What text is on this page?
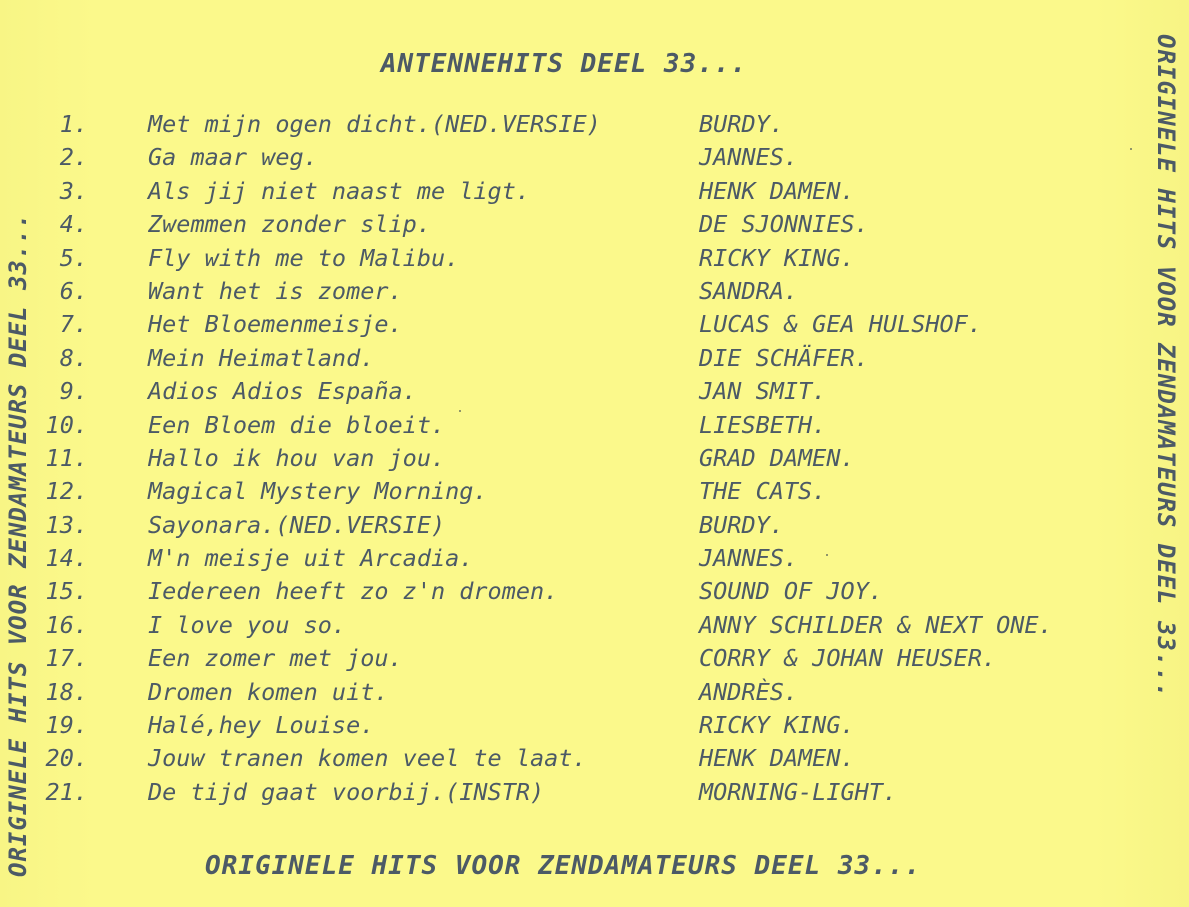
ANTENNEHITS DEEL 33...
1.	Met mijn ogen dicht.(NED.VERSIE)	BURDY.
2.	Ga maar weg.	JANNES.
3.	Als jij niet naast me ligt.	HENK DAMEN.
4.	Zwemmen zonder slip.	DE SJONNIES.
5.	Fly with me to Malibu.	RICKY KING.
6.	Want het is zomer.	SANDRA.
7.	Het Bloemenmeisje.	LUCAS & GEA HULSHOF.
8.	Mein Heimatland.	DIE SCHÄFER.
9.	Adios Adios España.	JAN SMIT.
10.	Een Bloem die bloeit.	LIESBETH.
11.	Hallo ik hou van jou.	GRAD DAMEN.
12.	Magical Mystery Morning.	THE CATS.
13.	Sayonara.(NED.VERSIE)	BURDY.
14.	M'n meisje uit Arcadia.	JANNES.
15.	Iedereen heeft zo z'n dromen.	SOUND OF JOY.
16.	I love you so.	ANNY SCHILDER & NEXT ONE.
17.	Een zomer met jou.	CORRY & JOHAN HEUSER.
18.	Dromen komen uit.	ANDRÈS.
19.	Halé,hey Louise.	RICKY KING.
20.	Jouw tranen komen veel te laat.	HENK DAMEN.
21.	De tijd gaat voorbij.(INSTR)	MORNING-LIGHT.
ORIGINELE HITS VOOR ZENDAMATEURS DEEL 33...
ORIGINELE HITS VOOR ZENDAMATEURS DEEL 33...	ORIGINELE HITS VOOR ZENDAMATEURS DEEL 33...
